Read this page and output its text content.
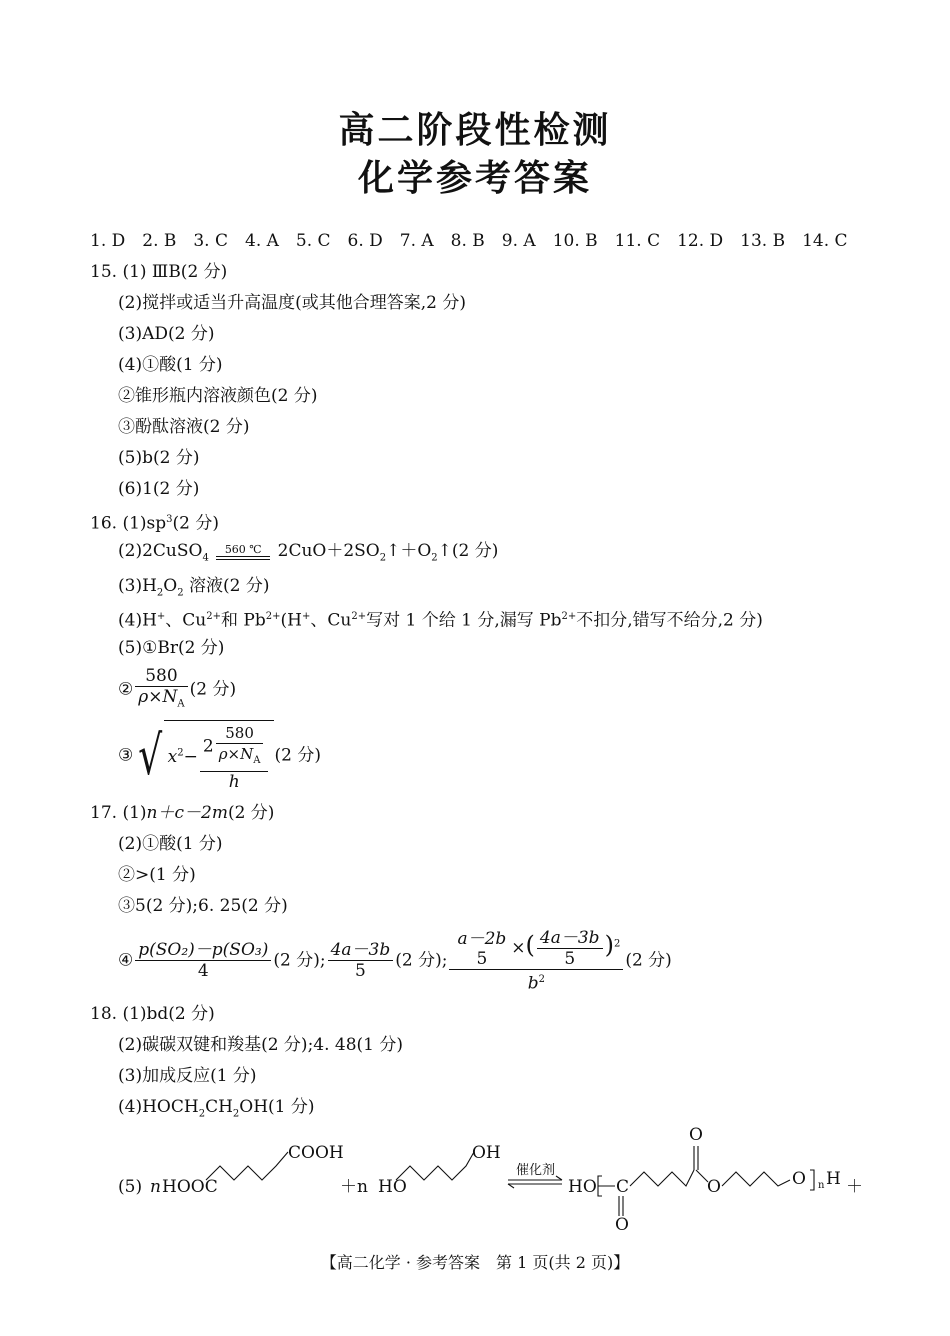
高二阶段性检测
化学参考答案
1. D　2. B　3. C　4. A　5. C　6. D　7. A　8. B　9. A　10. B　11. C　12. D　13. B　14. C
15. (1) ⅢB(2 分)
(2)搅拌或适当升高温度(或其他合理答案,2 分)
(3)AD(2 分)
(4)①酸(1 分)
②锥形瓶内溶液颜色(2 分)
③酚酞溶液(2 分)
(5)b(2 分)
(6)1(2 分)
16. $(1)sp^3(2$ 分)
(2)2CuSO$_4$ 560 ℃ $2CuO+2SO_2↑+O_2↑(2$ 分)
$(3)H_2O_2$ 溶液(2 分)
(4)H+、$Cu^{2+}$和 $Pb^{2+}(H^+$、$Cu^{2+}$写对 1 个给 1 分,漏写 $Pb^{2+}$不扣分,错写不给分,2 分)
(5)①Br(2 分)
② $\frac{580}{\rho\times N_A} (2$ 分)
③√ $x^2- \frac{2 \frac{580}{\rho\times N_A}}{h} (2$ 分)
17. (1)n＋c－2m(2 分)
(2)①酸(1 分)
②>(1 分)
③5(2 分);6. 25(2 分)
④ $\frac{\text{p(SO₂)－p(SO₃)}}{4} (2$ 分); $\frac{4a-3b}{5} (2$ 分); a－2b
5
×( $\frac{4a-3b}{5} )^2$
$b^2$ (2 分)
18. (1)bd(2 分)
(2)碳碳双键和羧基(2 分);4. 48(1 分)
(3)加成反应(1 分)
$(4)HOCH_2CH_2OH(1$ 分)
(5) n HOOC
COOH
＋n HO
OH
催化剂
HO C
O
O
O	O n H ＋
【高二化学 · 参考答案　第 1 页(共 2 页)】
